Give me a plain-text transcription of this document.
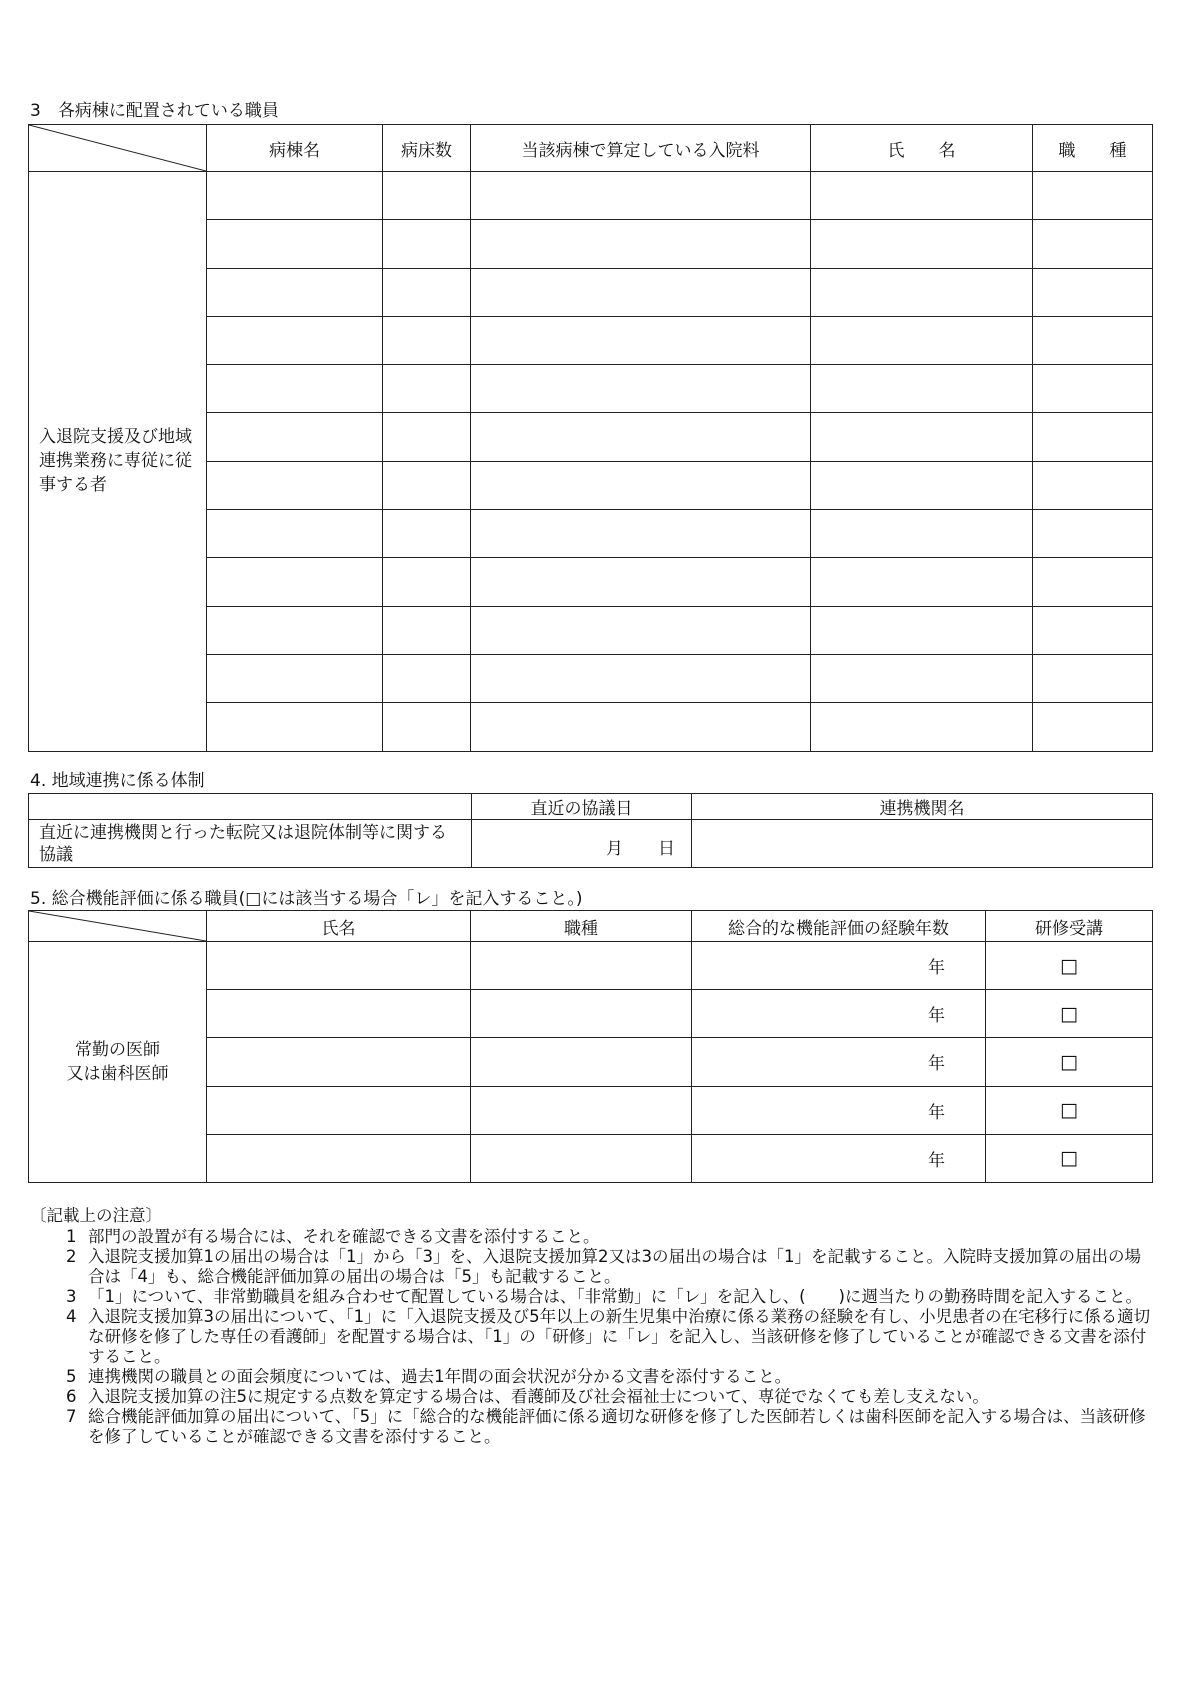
3　各病棟に配置されている職員
	病棟名	病床数	当該病棟で算定している入院料	氏　　名	職　　種
入退院支援及び地域連携業務に専従に従事する者					

4. 地域連携に係る体制
	直近の協議日	連携機関名
直近に連携機関と行った転院又は退院体制等に関する協議	月 日	

5. 総合機能評価に係る職員(□には該当する場合「レ」を記入すること。)
	氏名	職種	総合的な機能評価の経験年数	研修受講

常勤の医師
又は歯科医師			年	□
			年	□
			年	□
			年	□
			年	□
〔記載上の注意〕
1 部門の設置が有る場合には、それを確認できる文書を添付すること。
2 入退院支援加算1の届出の場合は「1」から「3」を、入退院支援加算2又は3の届出の場合は「1」を記載すること。入院時支援加算の届出の場合は「4」も、総合機能評価加算の届出の場合は「5」も記載すること。
3 「1」について、非常勤職員を組み合わせて配置している場合は、「非常勤」に「レ」を記入し、(　　)に週当たりの勤務時間を記入すること。
4 入退院支援加算3の届出について、「1」に「入退院支援及び5年以上の新生児集中治療に係る業務の経験を有し、小児患者の在宅移行に係る適切な研修を修了した専任の看護師」を配置する場合は、「1」の「研修」に「レ」を記入し、当該研修を修了していることが確認できる文書を添付すること。
5 連携機関の職員との面会頻度については、過去1年間の面会状況が分かる文書を添付すること。
6 入退院支援加算の注5に規定する点数を算定する場合は、看護師及び社会福祉士について、専従でなくても差し支えない。
7 総合機能評価加算の届出について、「5」に「総合的な機能評価に係る適切な研修を修了した医師若しくは歯科医師を記入する場合は、当該研修を修了していることが確認できる文書を添付すること。
